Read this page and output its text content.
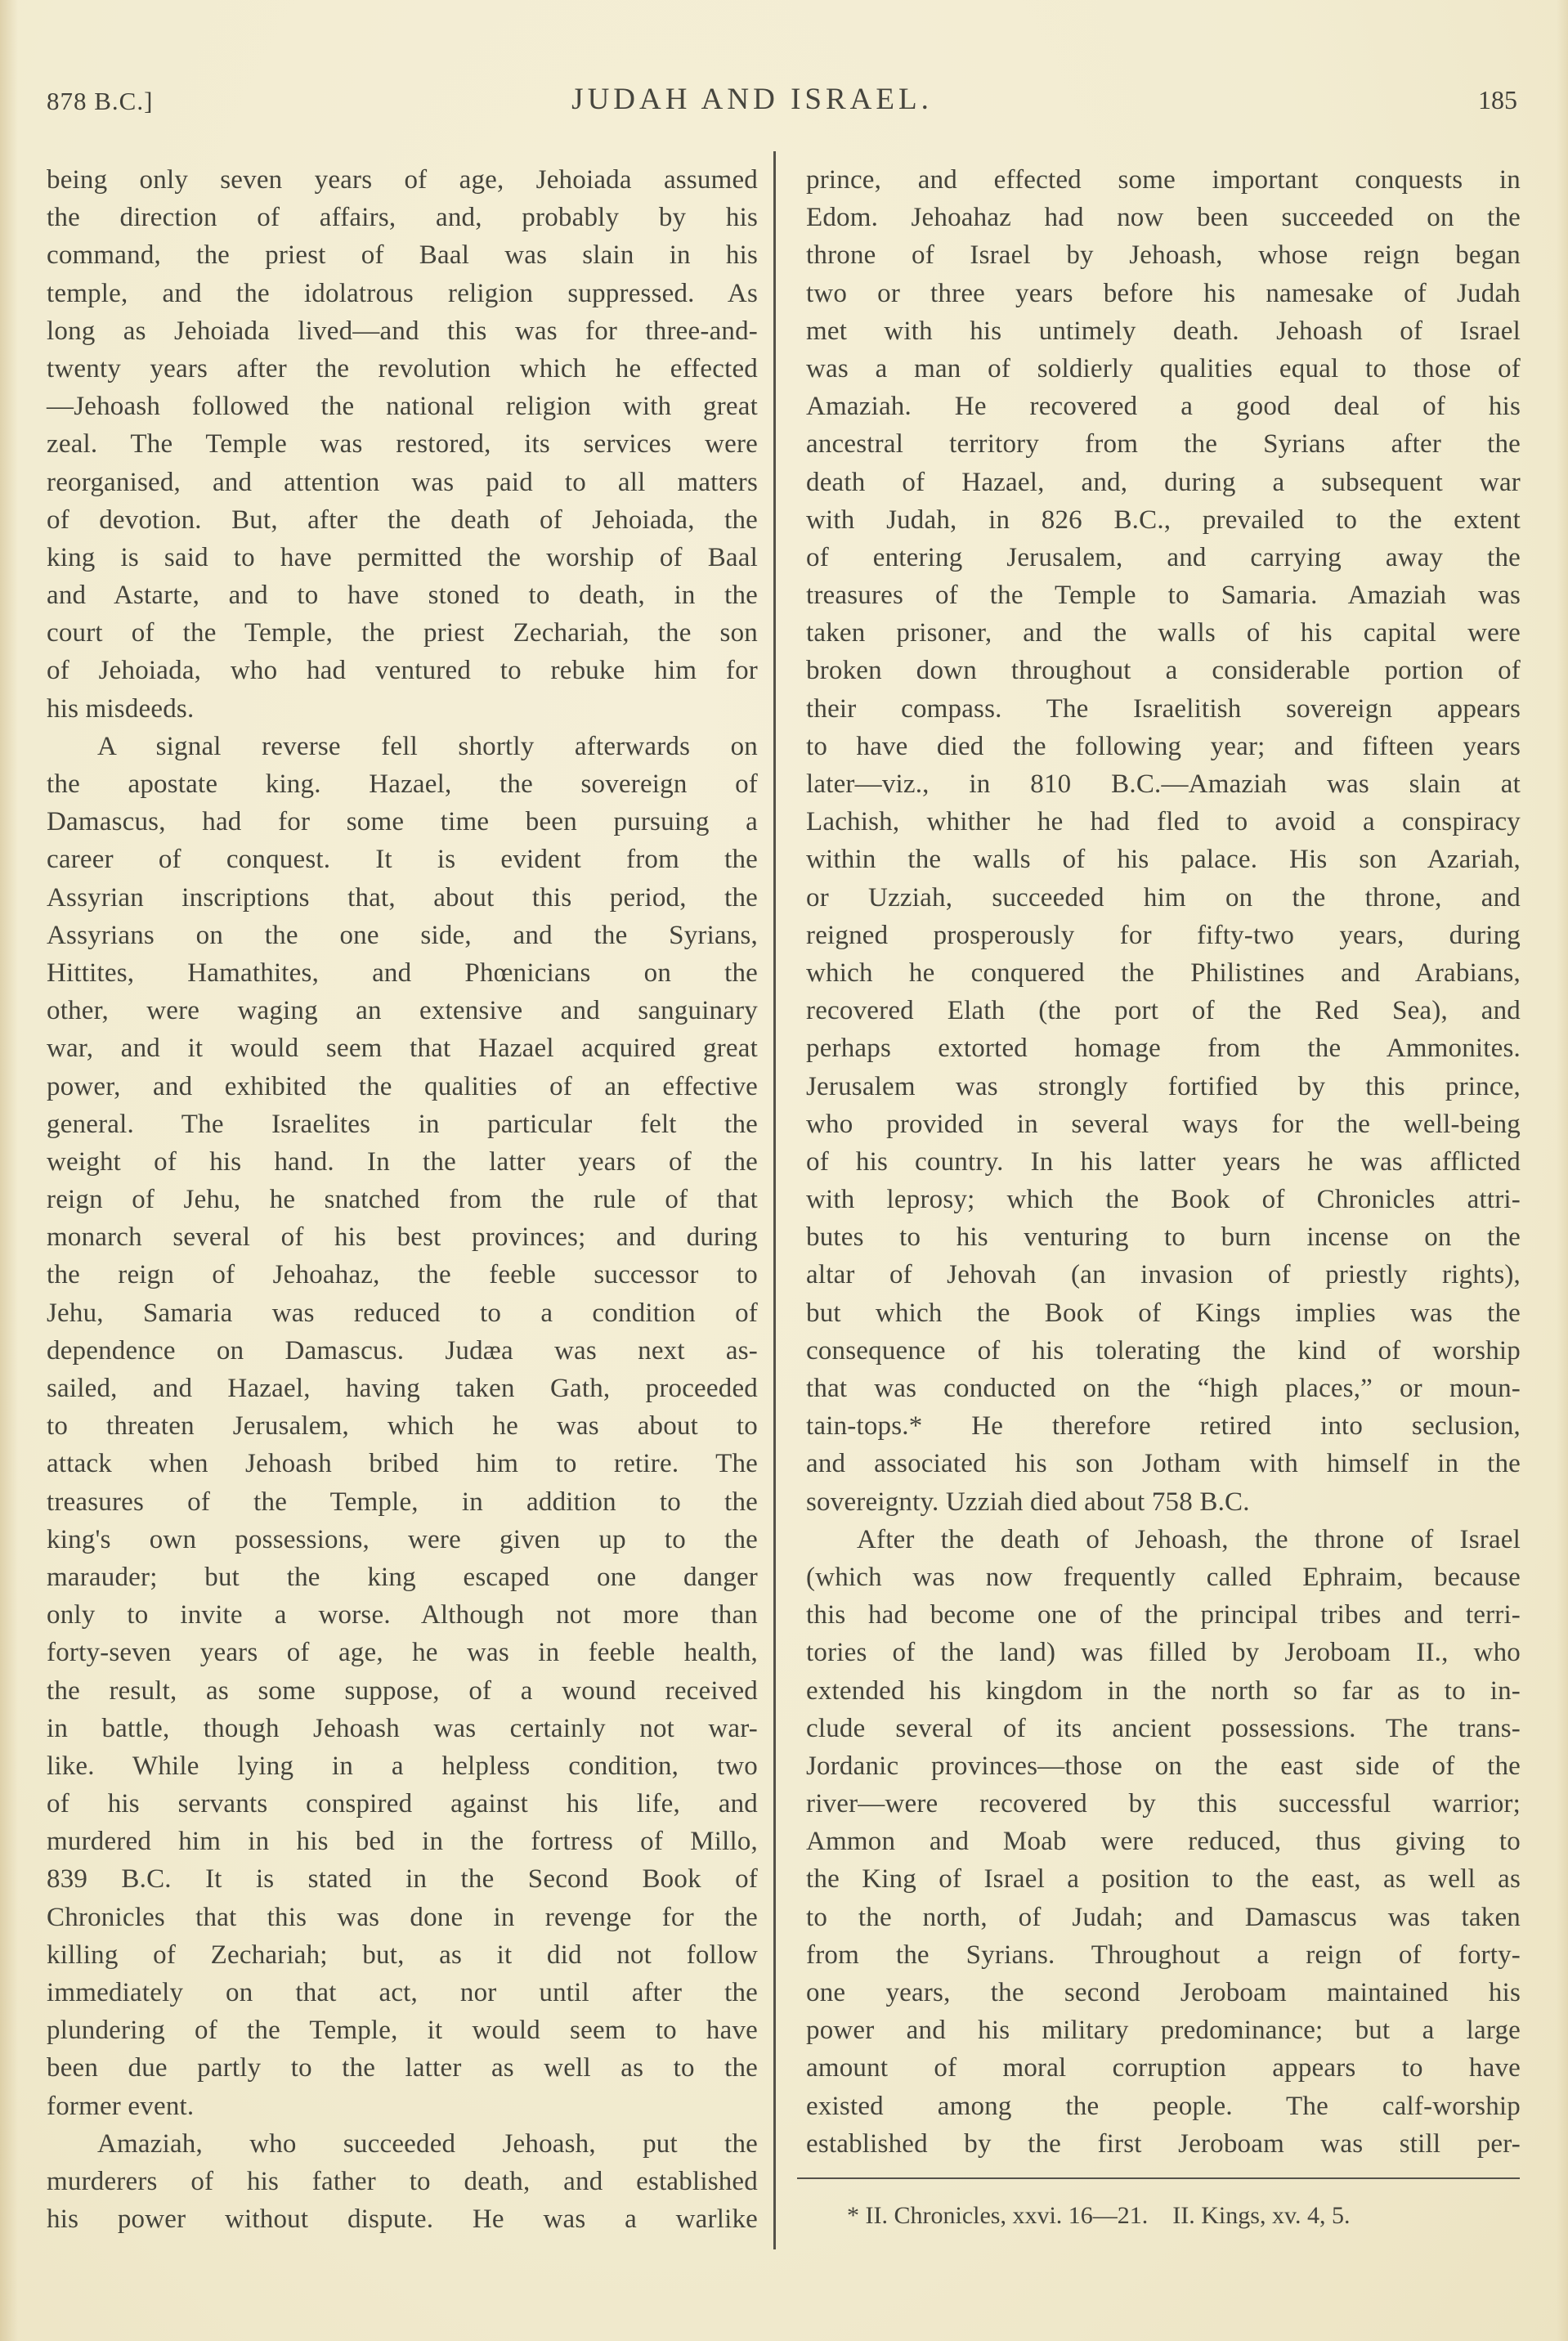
878 B.C.]	JUDAH AND ISRAEL.	185
being only seven years of age, Jehoiada assumed
the direction of affairs, and, probably by his
command, the priest of Baal was slain in his
temple, and the idolatrous religion suppressed. As
long as Jehoiada lived—and this was for three-and-
twenty years after the revolution which he effected
—Jehoash followed the national religion with great
zeal. The Temple was restored, its services were
reorganised, and attention was paid to all matters
of devotion. But, after the death of Jehoiada, the
king is said to have permitted the worship of Baal
and Astarte, and to have stoned to death, in the
court of the Temple, the priest Zechariah, the son
of Jehoiada, who had ventured to rebuke him for
his misdeeds.
A signal reverse fell shortly afterwards on
the apostate king. Hazael, the sovereign of
Damascus, had for some time been pursuing a
career of conquest. It is evident from the
Assyrian inscriptions that, about this period, the
Assyrians on the one side, and the Syrians,
Hittites, Hamathites, and Phœnicians on the
other, were waging an extensive and sanguinary
war, and it would seem that Hazael acquired great
power, and exhibited the qualities of an effective
general. The Israelites in particular felt the
weight of his hand. In the latter years of the
reign of Jehu, he snatched from the rule of that
monarch several of his best provinces; and during
the reign of Jehoahaz, the feeble successor to
Jehu, Samaria was reduced to a condition of
dependence on Damascus. Judæa was next as-
sailed, and Hazael, having taken Gath, proceeded
to threaten Jerusalem, which he was about to
attack when Jehoash bribed him to retire. The
treasures of the Temple, in addition to the
king's own possessions, were given up to the
marauder; but the king escaped one danger
only to invite a worse. Although not more than
forty-seven years of age, he was in feeble health,
the result, as some suppose, of a wound received
in battle, though Jehoash was certainly not war-
like. While lying in a helpless condition, two
of his servants conspired against his life, and
murdered him in his bed in the fortress of Millo,
839 B.C. It is stated in the Second Book of
Chronicles that this was done in revenge for the
killing of Zechariah; but, as it did not follow
immediately on that act, nor until after the
plundering of the Temple, it would seem to have
been due partly to the latter as well as to the
former event.
Amaziah, who succeeded Jehoash, put the
murderers of his father to death, and established
his power without dispute. He was a warlike
prince, and effected some important conquests in
Edom. Jehoahaz had now been succeeded on the
throne of Israel by Jehoash, whose reign began
two or three years before his namesake of Judah
met with his untimely death. Jehoash of Israel
was a man of soldierly qualities equal to those of
Amaziah. He recovered a good deal of his
ancestral territory from the Syrians after the
death of Hazael, and, during a subsequent war
with Judah, in 826 B.C., prevailed to the extent
of entering Jerusalem, and carrying away the
treasures of the Temple to Samaria. Amaziah was
taken prisoner, and the walls of his capital were
broken down throughout a considerable portion of
their compass. The Israelitish sovereign appears
to have died the following year; and fifteen years
later—viz., in 810 B.C.—Amaziah was slain at
Lachish, whither he had fled to avoid a conspiracy
within the walls of his palace. His son Azariah,
or Uzziah, succeeded him on the throne, and
reigned prosperously for fifty-two years, during
which he conquered the Philistines and Arabians,
recovered Elath (the port of the Red Sea), and
perhaps extorted homage from the Ammonites.
Jerusalem was strongly fortified by this prince,
who provided in several ways for the well-being
of his country. In his latter years he was afflicted
with leprosy; which the Book of Chronicles attri-
butes to his venturing to burn incense on the
altar of Jehovah (an invasion of priestly rights),
but which the Book of Kings implies was the
consequence of his tolerating the kind of worship
that was conducted on the “high places,” or moun-
tain-tops.* He therefore retired into seclusion,
and associated his son Jotham with himself in the
sovereignty. Uzziah died about 758 B.C.
After the death of Jehoash, the throne of Israel
(which was now frequently called Ephraim, because
this had become one of the principal tribes and terri-
tories of the land) was filled by Jeroboam II., who
extended his kingdom in the north so far as to in-
clude several of its ancient possessions. The trans-
Jordanic provinces—those on the east side of the
river—were recovered by this successful warrior;
Ammon and Moab were reduced, thus giving to
the King of Israel a position to the east, as well as
to the north, of Judah; and Damascus was taken
from the Syrians. Throughout a reign of forty-
one years, the second Jeroboam maintained his
power and his military predominance; but a large
amount of moral corruption appears to have
existed among the people. The calf-worship
established by the first Jeroboam was still per-
* II. Chronicles, xxvi. 16—21. II. Kings, xv. 4, 5.
